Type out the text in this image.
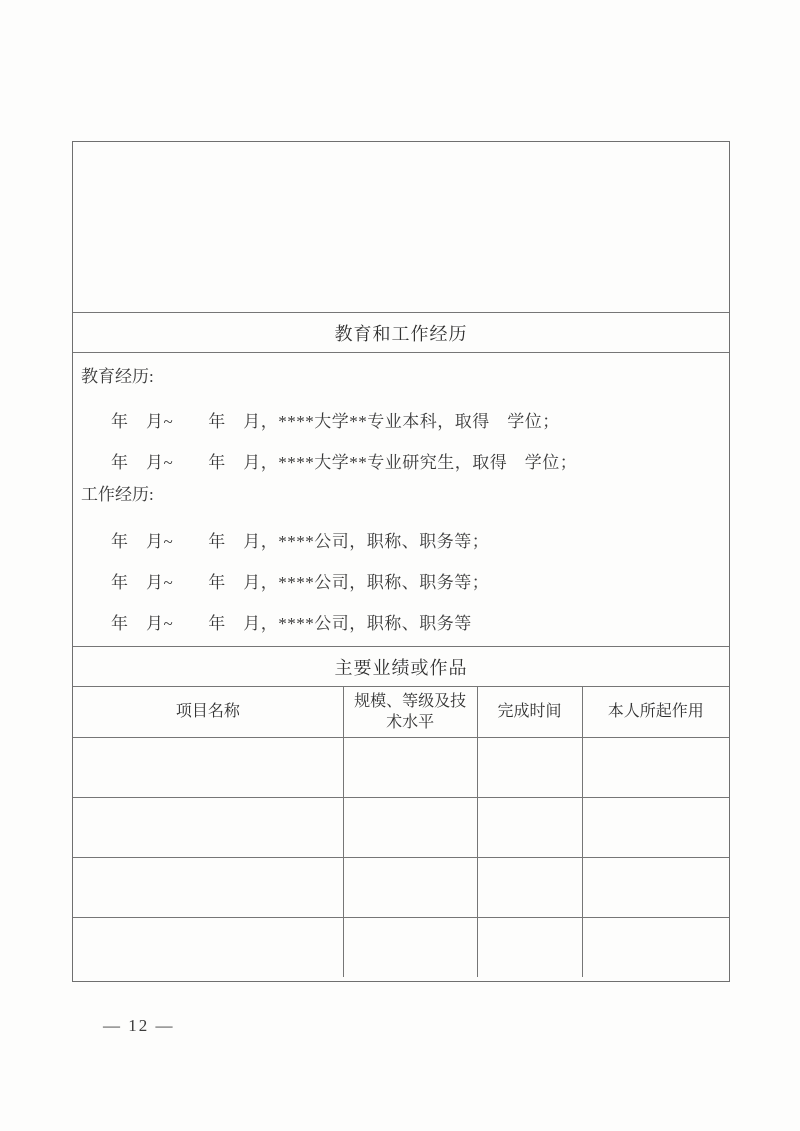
教育和工作经历
教育经历:
年　月~　　年　月，****大学**专业本科，取得　学位；
年　月~　　年　月，****大学**专业研究生，取得　学位；
工作经历:
年　月~　　年　月，****公司，职称、职务等；
年　月~　　年　月，****公司，职称、职务等；
年　月~　　年　月，****公司，职称、职务等
主要业绩或作品
项目名称	规模、等级及技术水平	完成时间	本人所起作用

— 12 —
